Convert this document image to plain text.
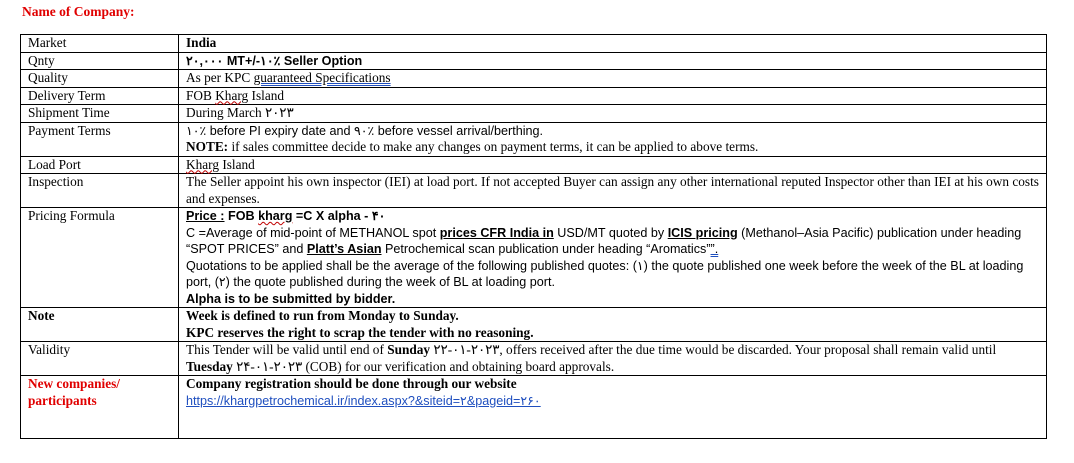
Name of Company:
Market	India
Qnty	۲۰,۰۰۰ MT+/-۱۰٪ Seller Option
Quality	As per KPC guaranteed Specifications
Delivery Term	FOB Kharg Island
Shipment Time	During March ۲۰۲۳
Payment Terms	۱۰٪ before PI expiry date and ۹۰٪ before vessel arrival/berthing.
NOTE: if sales committee decide to make any changes on payment terms, it can be applied to above terms.

Load Port	Kharg Island
Inspection	The Seller appoint his own inspector (IEI) at load port. If not accepted Buyer can assign any other international reputed Inspector other than IEI at his own costs and expenses.
Pricing Formula	Price : FOB kharg =C X alpha - ۴۰
C =Average of mid-point of METHANOL spot prices CFR India in USD/MT quoted by ICIS pricing (Methanol–Asia Pacific) publication under heading “SPOT PRICES” and Platt’s Asian Petrochemical scan publication under heading “Aromatics””.
Quotations to be applied shall be the average of the following published quotes: (۱) the quote published one week before the week of the BL at loading port, (۲) the quote published during the week of BL at loading port.
Alpha is to be submitted by bidder.

Note	Week is defined to run from Monday to Sunday.
KPC reserves the right to scrap the tender with no reasoning.

Validity	This Tender will be valid until end of Sunday ۲۲-۰۱-۲۰۲۳, offers received after the due time would be discarded. Your proposal shall remain valid until Tuesday ۲۴-۰۱-۲۰۲۳ (COB) for our verification and obtaining board approvals.
New companies/ participants	Company registration should be done through our website
https://khargpetrochemical.ir/index.aspx?&siteid=۲&pageid=۲۶۰
